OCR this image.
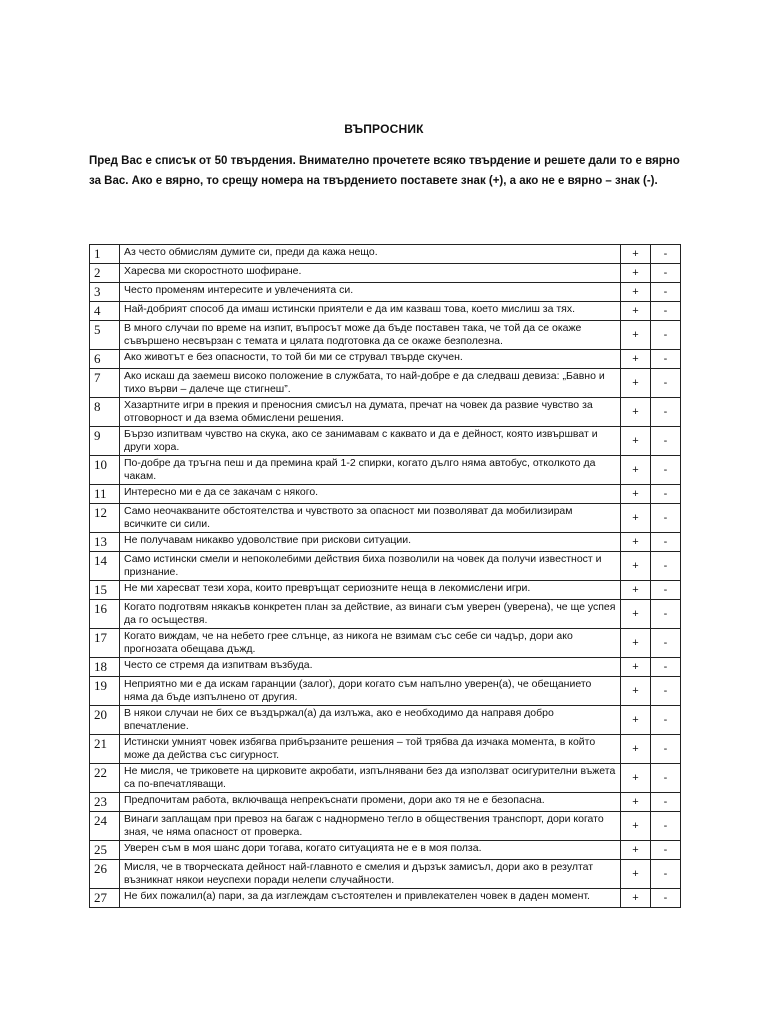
ВЪПРОСНИК
Пред Вас е списък от 50 твърдения. Внимателно прочетете всяко твърдение и решете дали то е вярно за Вас. Ако е вярно, то срещу номера на твърдението поставете знак (+), а ако не е вярно – знак (-).
1	Аз често обмислям думите си, преди да кажа нещо.	+	-
2	Харесва ми скоростното шофиране.	+	-
3	Често променям интересите и увлеченията си.	+	-
4	Най-добрият способ да имаш истински приятели е да им казваш това, което мислиш за тях.	+	-
5	В много случаи по време на изпит, въпросът може да бъде поставен така, че той да се окаже съвършено несвързан с темата и цялата подготовка да се окаже безполезна.	+	-
6	Ако животът е без опасности, то той би ми се струвал твърде скучен.	+	-
7	Ако искаш да заемеш високо положение в службата, то най-добре е да следваш девиза: „Бавно и тихо върви – далече ще стигнеш”.	+	-
8	Хазартните игри в прекия и преносния смисъл на думата, пречат на човек да развие чувство за отговорност и да взема обмислени решения.	+	-
9	Бързо изпитвам чувство на скука, ако се занимавам с каквато и да е дейност, която извършват и други хора.	+	-
10	По-добре да тръгна пеш и да премина край 1-2 спирки, когато дълго няма автобус, отколкото да чакам.	+	-
11	Интересно ми е да се закачам с някого.	+	-
12	Само неочакваните обстоятелства и чувството за опасност ми позволяват да мобилизирам всичките си сили.	+	-
13	Не получавам никакво удоволствие при рискови ситуации.	+	-
14	Само истински смели и непоколебими действия биха позволили на човек да получи известност и признание.	+	-
15	Не ми харесват тези хора, които превръщат сериозните неща в лекомислени игри.	+	-
16	Когато подготвям някакъв конкретен план за действие, аз винаги съм уверен (уверена), че ще успея да го осъществя.	+	-
17	Когато виждам, че на небето грее слънце, аз никога не взимам със себе си чадър, дори ако прогнозата обещава дъжд.	+	-
18	Често се стремя да изпитвам възбуда.	+	-
19	Неприятно ми е да искам гаранции (залог), дори когато съм напълно уверен(а), че обещанието няма да бъде изпълнено от другия.	+	-
20	В някои случаи не бих се въздържал(а) да излъжа, ако е необходимо да направя добро впечатление.	+	-
21	Истински умният човек избягва прибързаните решения – той трябва да изчака момента, в който може да действа със сигурност.	+	-
22	Не мисля, че триковете на цирковите акробати, изпълнявани без да използват осигурителни въжета са по-впечатляващи.	+	-
23	Предпочитам работа, включваща непрекъснати промени, дори ако тя не е безопасна.	+	-
24	Винаги заплащам при превоз на багаж с наднормено тегло в обществения транспорт, дори когато зная, че няма опасност от проверка.	+	-
25	Уверен съм в моя шанс дори тогава, когато ситуацията не е в моя полза.	+	-
26	Мисля, че в творческата дейност най-главното е смелия и дързък замисъл, дори ако в резултат възникнат някои неуспехи поради нелепи случайности.	+	-
27	Не бих пожалил(а) пари, за да изглеждам състоятелен и привлекателен човек в даден момент.	+	-
